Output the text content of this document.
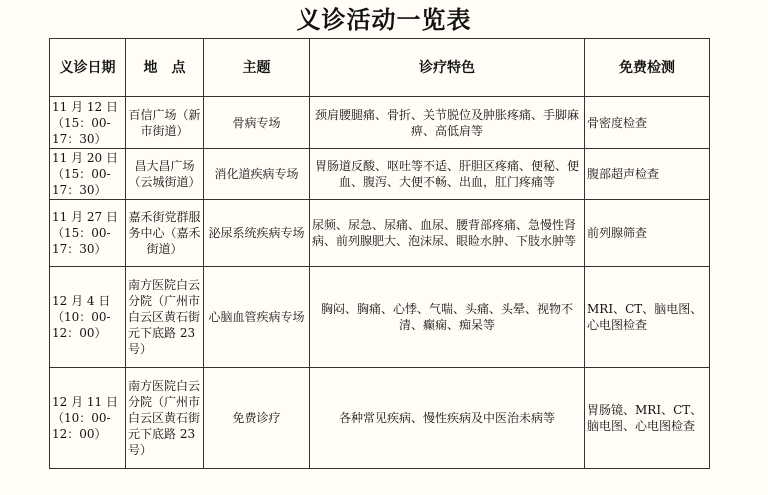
义诊活动一览表
义诊日期	地　点	主题	诊疗特色	免费检测
11 月 12 日（15：00-17：30）	百信广场（新市街道）	骨病专场	颈肩腰腿痛、骨折、关节脱位及肿胀疼痛、手脚麻痹、高低肩等	骨密度检查
11 月 20 日（15：00-17：30）	昌大昌广场（云城街道）	消化道疾病专场	胃肠道反酸、呕吐等不适、肝胆区疼痛、便秘、便血、腹泻、大便不畅、出血，肛门疼痛等	腹部超声检查
11 月 27 日（15：00-17：30）	嘉禾街党群服务中心（嘉禾街道）	泌尿系统疾病专场	尿频、尿急、尿痛、血尿、腰背部疼痛、急慢性肾病、前列腺肥大、泡沫尿、眼睑水肿、下肢水肿等	前列腺筛查
12 月 4 日（10：00-12：00）	南方医院白云分院（广州市白云区黄石街元下底路 23 号）	心脑血管疾病专场	胸闷、胸痛、心悸、气喘、头痛、头晕、视物不清、癫痫、痴呆等	MRI、CT、脑电图、心电图检查
12 月 11 日（10：00-12：00）	南方医院白云分院（广州市白云区黄石街元下底路 23 号）	免费诊疗	各种常见疾病、慢性疾病及中医治未病等	胃肠镜、MRI、CT、脑电图、心电图检查
